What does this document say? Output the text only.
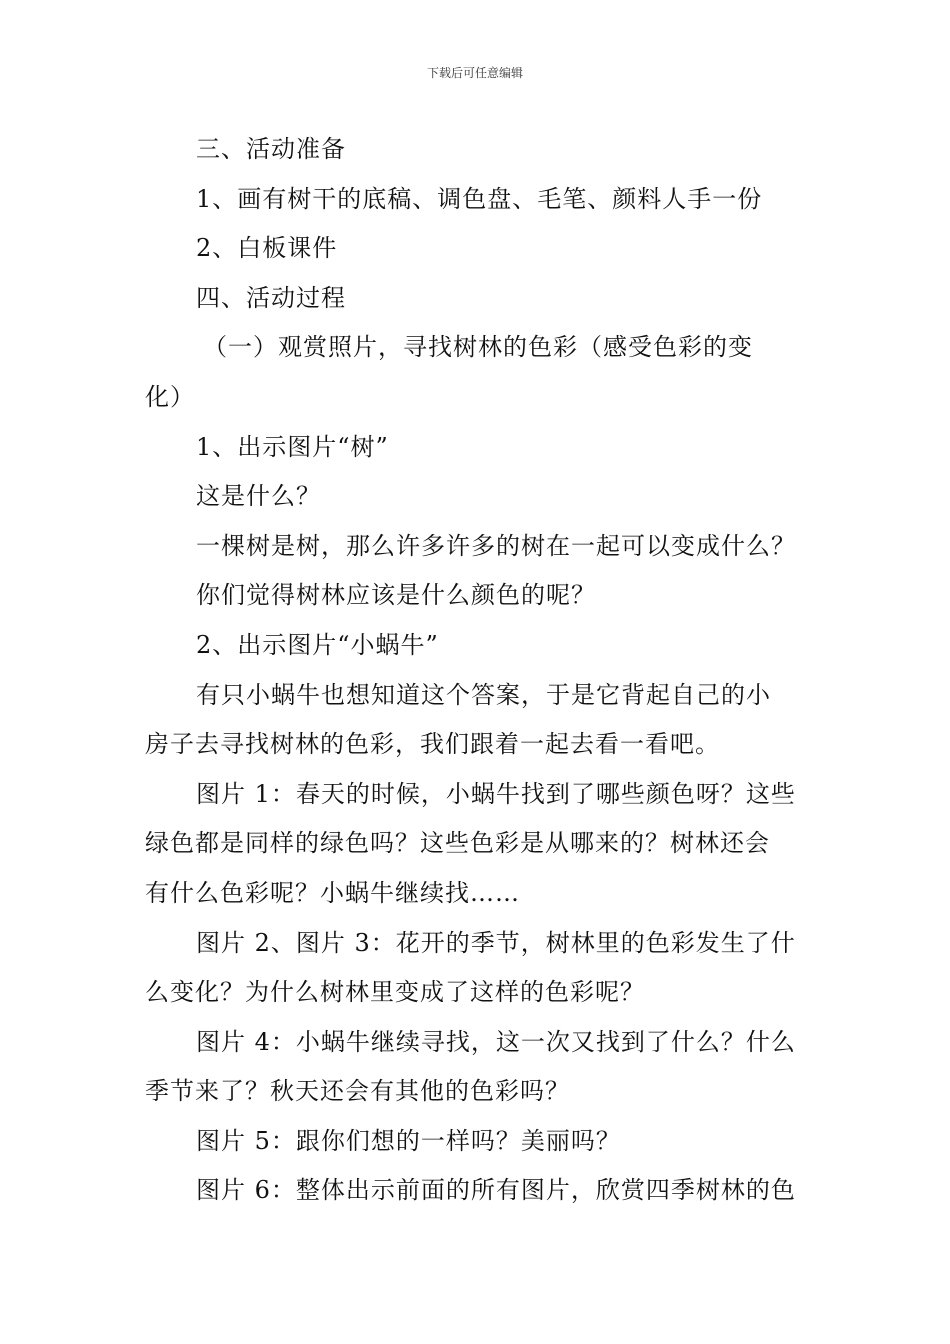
下载后可任意编辑

三、活动准备

1、画有树干的底稿、调色盘、毛笔、颜料人手一份

2、白板课件

四、活动过程

（一）观赏照片，寻找树林的色彩（感受色彩的变
化）

1、出示图片“树”

这是什么？

一棵树是树，那么许多许多的树在一起可以变成什么？

你们觉得树林应该是什么颜色的呢？

2、出示图片“小蜗牛”

有只小蜗牛也想知道这个答案，于是它背起自己的小
房子去寻找树林的色彩，我们跟着一起去看一看吧。

图片 1：春天的时候，小蜗牛找到了哪些颜色呀？这些
绿色都是同样的绿色吗？这些色彩是从哪来的？树林还会
有什么色彩呢？小蜗牛继续找……

图片 2、图片 3：花开的季节，树林里的色彩发生了什
么变化？为什么树林里变成了这样的色彩呢？

图片 4：小蜗牛继续寻找，这一次又找到了什么？什么
季节来了？秋天还会有其他的色彩吗？

图片 5：跟你们想的一样吗？美丽吗？

图片 6：整体出示前面的所有图片，欣赏四季树林的色
